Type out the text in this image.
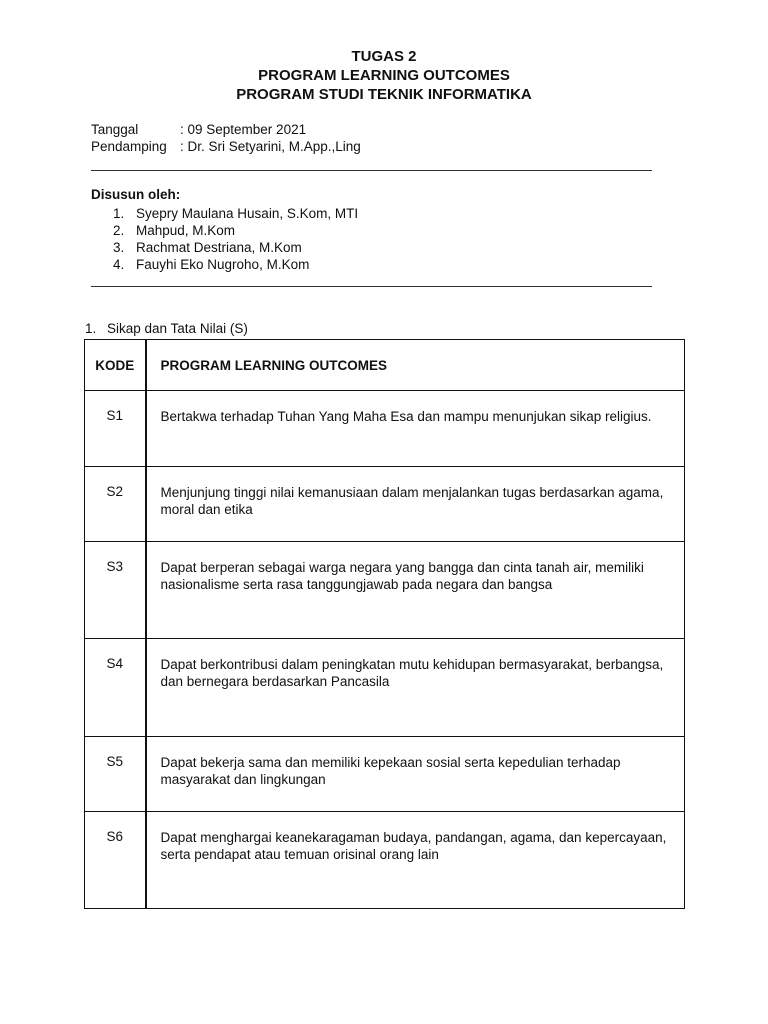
TUGAS 2
PROGRAM LEARNING OUTCOMES
PROGRAM STUDI TEKNIK INFORMATIKA
Tanggal	: 09 September 2021
Pendamping : Dr. Sri Setyarini, M.App.,Ling
Disusun oleh:
1. Syepry Maulana Husain, S.Kom, MTI
2. Mahpud, M.Kom
3. Rachmat Destriana, M.Kom
4. Fauyhi Eko Nugroho, M.Kom
1. Sikap dan Tata Nilai (S)
KODE	PROGRAM LEARNING OUTCOMES
S1	Bertakwa terhadap Tuhan Yang Maha Esa dan mampu menunjukan sikap religius.
S2	Menjunjung tinggi nilai kemanusiaan dalam menjalankan tugas berdasarkan agama, moral dan etika
S3	Dapat berperan sebagai warga negara yang bangga dan cinta tanah air, memiliki nasionalisme serta rasa tanggungjawab pada negara dan bangsa
S4	Dapat berkontribusi dalam peningkatan mutu kehidupan bermasyarakat, berbangsa, dan bernegara berdasarkan Pancasila
S5	Dapat bekerja sama dan memiliki kepekaan sosial serta kepedulian terhadap masyarakat dan lingkungan
S6	Dapat menghargai keanekaragaman budaya, pandangan, agama, dan kepercayaan, serta pendapat atau temuan orisinal orang lain
